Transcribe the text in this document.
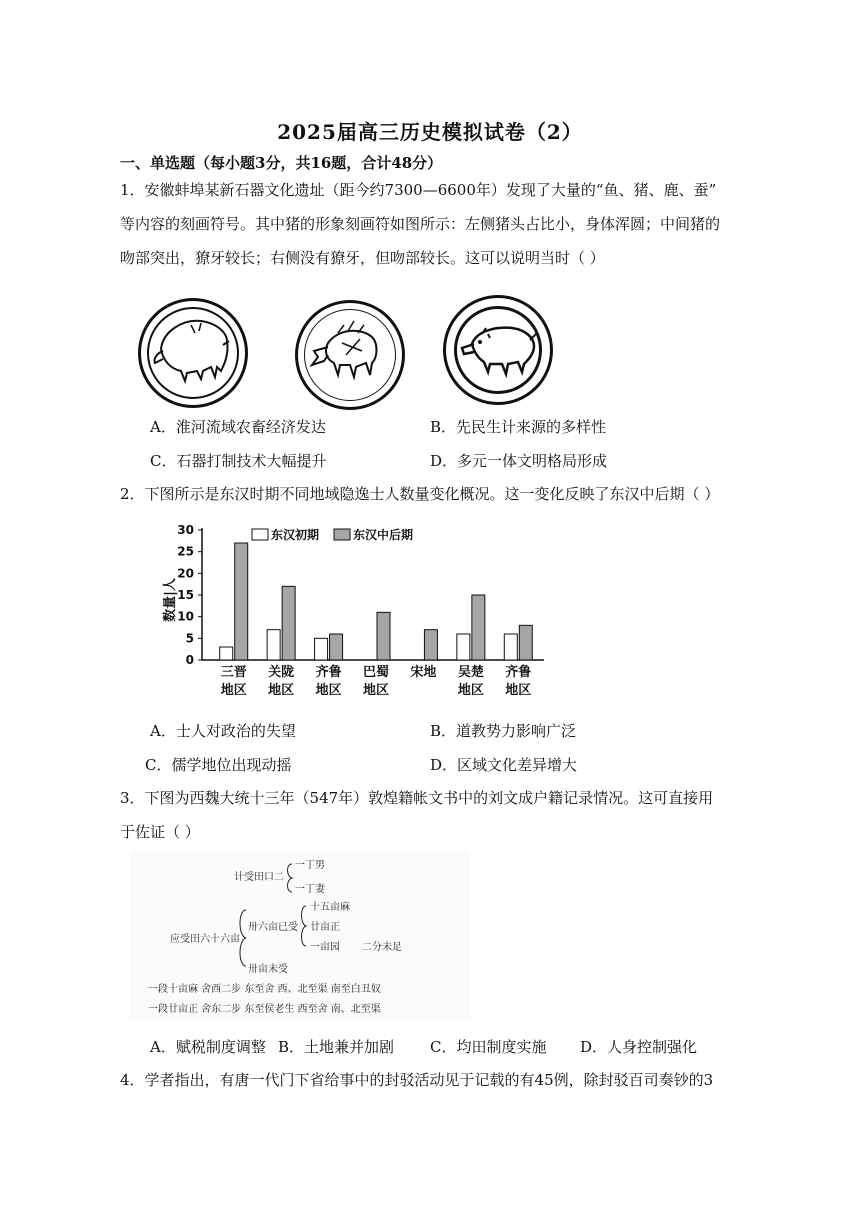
2025届高三历史模拟试卷（2）
一、单选题（每小题3分，共16题，合计48分）
1．安徽蚌埠某新石器文化遗址（距今约7300—6600年）发现了大量的“鱼、猪、鹿、蚕”
等内容的刻画符号。其中猪的形象刻画符如图所示：左侧猪头占比小，身体浑圆；中间猪的
吻部突出，獠牙较长；右侧没有獠牙，但吻部较长。这可以说明当时（ ）
A．淮河流域农畜经济发达	B．先民生计来源的多样性
C．石器打制技术大幅提升	D．多元一体文明格局形成
2．下图所示是东汉时期不同地域隐逸士人数量变化概况。这一变化反映了东汉中后期（ ）
0
5
10
15
20
25
30
数量|人
三晋
地区
关陇
地区
齐鲁
地区
巴蜀
地区
宋地 吴楚
地区
齐鲁
地区
东汉初期	东汉中后期
A．士人对政治的失望	B．道教势力影响广泛
C．儒学地位出现动摇	D．区域文化差异增大
3．下图为西魏大统十三年（547年）敦煌籍帐文书中的刘文成户籍记录情况。这可直接用
于佐证（ ）
计受田口二
一丁男
一丁妻
应受田六十六亩
卅六亩已受
十五亩麻
廿亩正
一亩园 二分未足
卅亩未受
一段十亩麻 舍西二步 东至舍 西、北至渠 南至白丑奴
一段廿亩正 舍东二步 东至侯老生 西至舍 南、北至渠
A．赋税制度调整 B．土地兼并加剧 C．均田制度实施 D．人身控制强化
4．学者指出，有唐一代门下省给事中的封驳活动见于记载的有45例，除封驳百司奏钞的3
